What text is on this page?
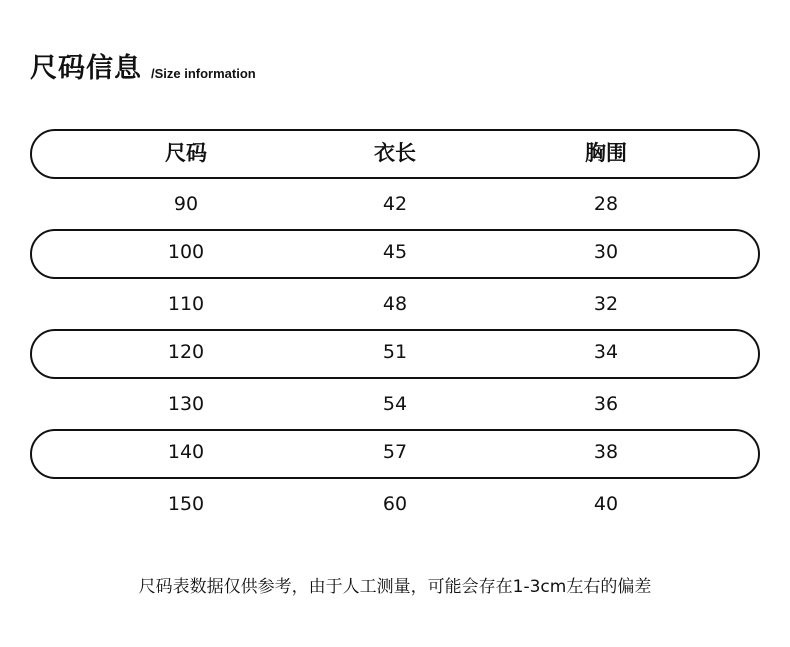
尺码信息 /Size information
尺码	衣长	胸围
90	42	28
100	45	30
110	48	32
120	51	34
130	54	36
140	57	38
150	60	40
尺码表数据仅供参考，由于人工测量，可能会存在1-3cm左右的偏差
